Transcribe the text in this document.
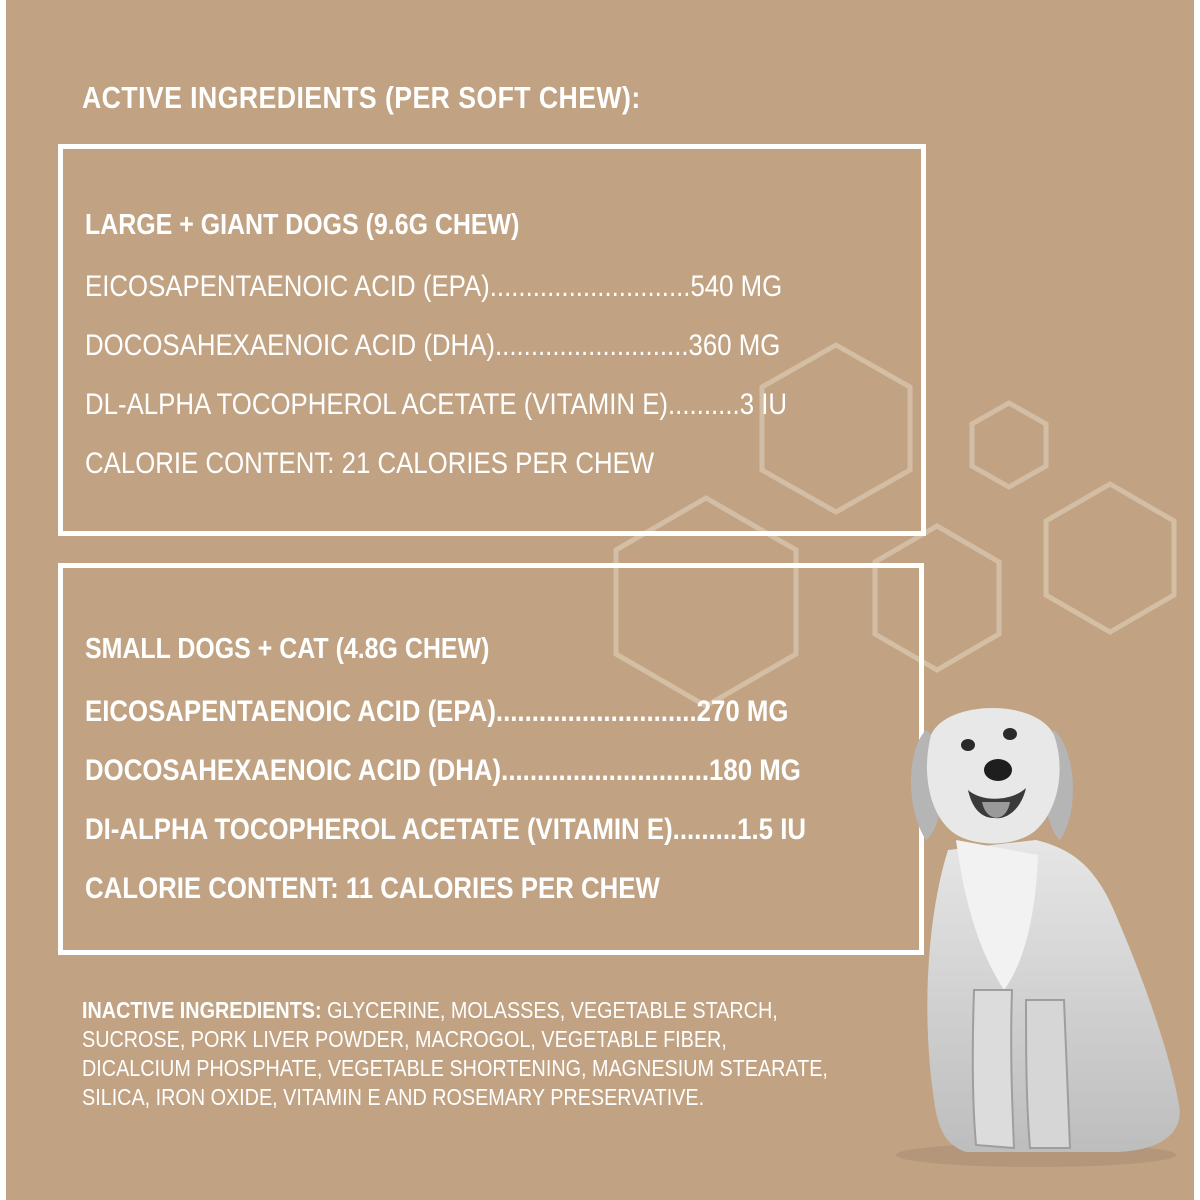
ACTIVE INGREDIENTS (PER SOFT CHEW):
LARGE + GIANT DOGS (9.6G CHEW)
EICOSAPENTAENOIC ACID (EPA)............................540 MG
DOCOSAHEXAENOIC ACID (DHA)...........................360 MG
DL-ALPHA TOCOPHEROL ACETATE (VITAMIN E)..........3 IU
CALORIE CONTENT: 21 CALORIES PER CHEW
SMALL DOGS + CAT (4.8G CHEW)
EICOSAPENTAENOIC ACID (EPA)............................270 MG
DOCOSAHEXAENOIC ACID (DHA).............................180 MG
DI-ALPHA TOCOPHEROL ACETATE (VITAMIN E).........1.5 IU
CALORIE CONTENT: 11 CALORIES PER CHEW

INACTIVE INGREDIENTS: GLYCERINE, MOLASSES, VEGETABLE STARCH, SUCROSE, PORK LIVER POWDER, MACROGOL, VEGETABLE FIBER, DICALCIUM PHOSPHATE, VEGETABLE SHORTENING, MAGNESIUM STEARATE, SILICA, IRON OXIDE, VITAMIN E AND ROSEMARY PRESERVATIVE.
